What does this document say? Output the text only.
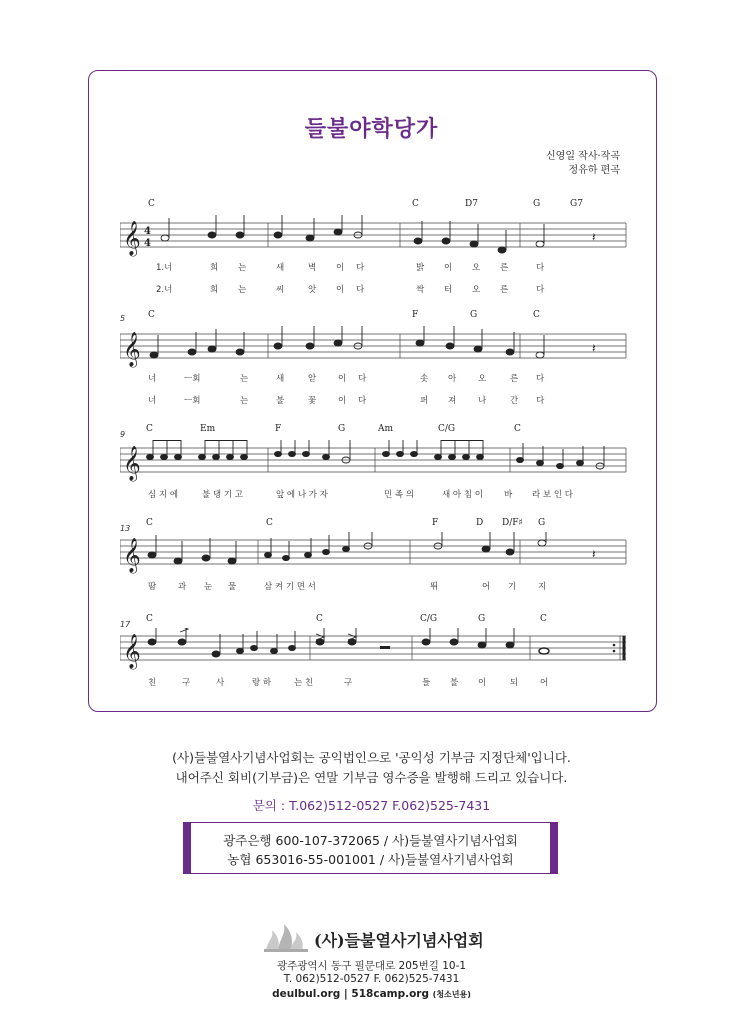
들불야학당가
신영일 작사·작곡
정유하 편곡
C	C	D7	G	G7
𝄞 4
4	𝄽
1.너	희 는	새	벽 이 다	밝 이 오 른	다
2.너	희 는	씨	앗 이 다	싹 터 오 른	다
5	C	F	G	C
𝄞	𝄽
너	ㅡ회	는	새	앋	이 다	솟 아	오	른 다
너	ㅡ회	는	불	꽃	이 다	퍼 져	나	간 다
9
C	Em	F	G	Am	C/G	C
𝄞
심 지 에	불 댕 기 고	앞 에 나 가 자	민 족 의	새 아 침 이 바 라 보 인 다
13
C	C	F	D D/F♯ G
𝄞	𝄽
땀	과 눈 물	삼 켜 기 면 서	뛰	어 기	지
17
C	C	C/G	G	C
𝄞
친	구	사	랑 하	는 친	구	들 불 이	되	어
(사)들불열사기념사업회는 공익법인으로 '공익성 기부금 지정단체'입니다.
내어주신 회비(기부금)은 연말 기부금 영수증을 발행해 드리고 있습니다.
문의 : T.062)512-0527 F.062)525-7431
광주은행 600-107-372065 / 사)들불열사기념사업회
농협 653016-55-001001 / 사)들불열사기념사업회
(사)들불열사기념사업회
광주광역시 동구 필문대로 205번길 10-1
T. 062)512-0527 F. 062)525-7431
deulbul.org | 518camp.org (청소년용)
